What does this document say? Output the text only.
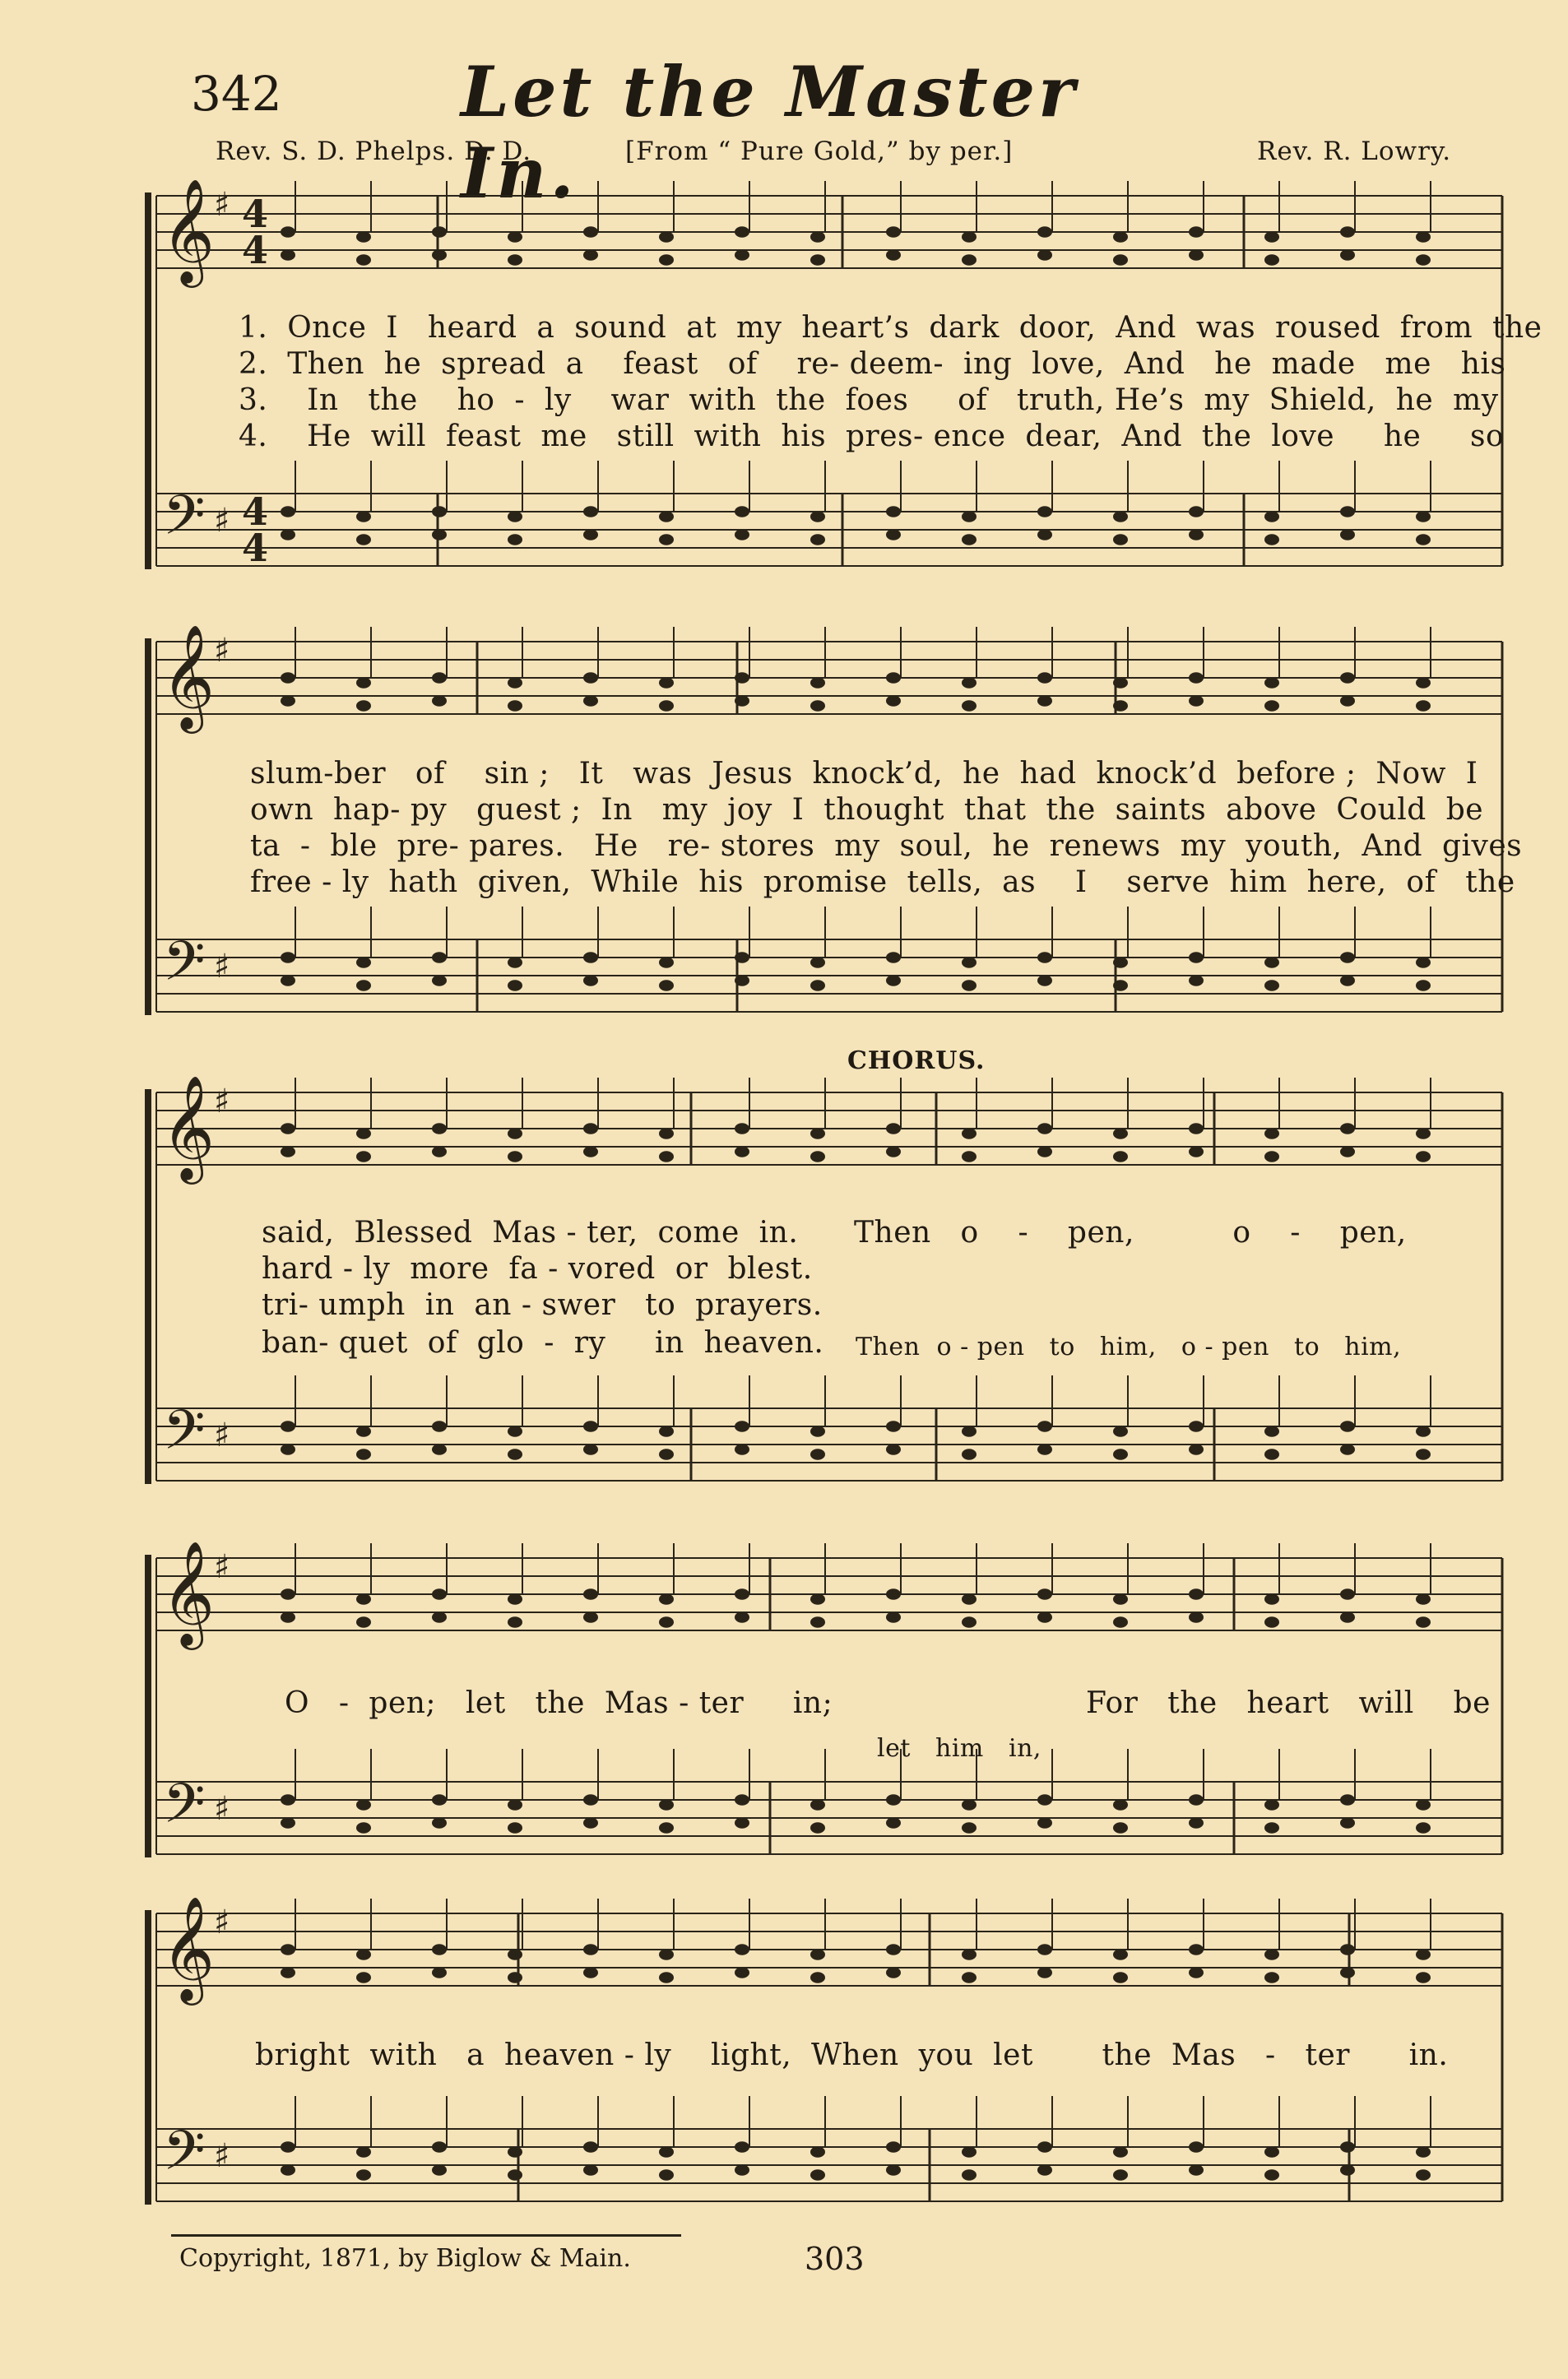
342	Let the Master In.
Rev. S. D. Phelps. D. D.	[From “ Pure Gold,” by per.]	Rev. R. Lowry.
𝄞
𝄢
♯
♯
4
4
4
4
𝄞
𝄢
♯
♯
𝄞
𝄢
♯
♯
𝄞
𝄢
♯
♯
𝄞
𝄢
♯
♯
1.  Once  I   heard  a  sound  at  my  heart’s  dark  door,  And  was  roused  from  the
2.  Then  he  spread  a    feast   of    re- deem-  ing  love,  And   he  made   me   his
3.    In   the    ho  -  ly    war  with  the  foes     of   truth, He’s  my  Shield,  he  my
4.    He  will  feast  me   still  with  his  pres- ence  dear,  And  the  love     he     so
slum-ber   of    sin ;   It   was  Jesus  knock’d,  he  had  knock’d  before ;  Now  I
own  hap- py   guest ;  In   my  joy  I  thought  that  the  saints  above  Could  be
ta  -  ble  pre- pares.   He   re- stores  my  soul,  he  renews  my  youth,  And  gives
free - ly  hath  given,  While  his  promise  tells,  as    I    serve  him  here,  of   the
CHORUS.
said,  Blessed  Mas - ter,  come  in.
hard - ly  more  fa - vored  or  blest.
tri- umph  in  an - swer   to  prayers.
ban- quet  of  glo  -  ry     in  heaven.
Then   o    -    pen,          o    -    pen,
Then  o - pen   to   him,   o - pen   to   him,
O   -  pen;   let   the  Mas - ter     in;
let   him   in,
For   the   heart   will    be
bright  with   a  heaven - ly    light,  When  you  let       the  Mas   -   ter      in.
Copyright, 1871, by Biglow & Main.	303
